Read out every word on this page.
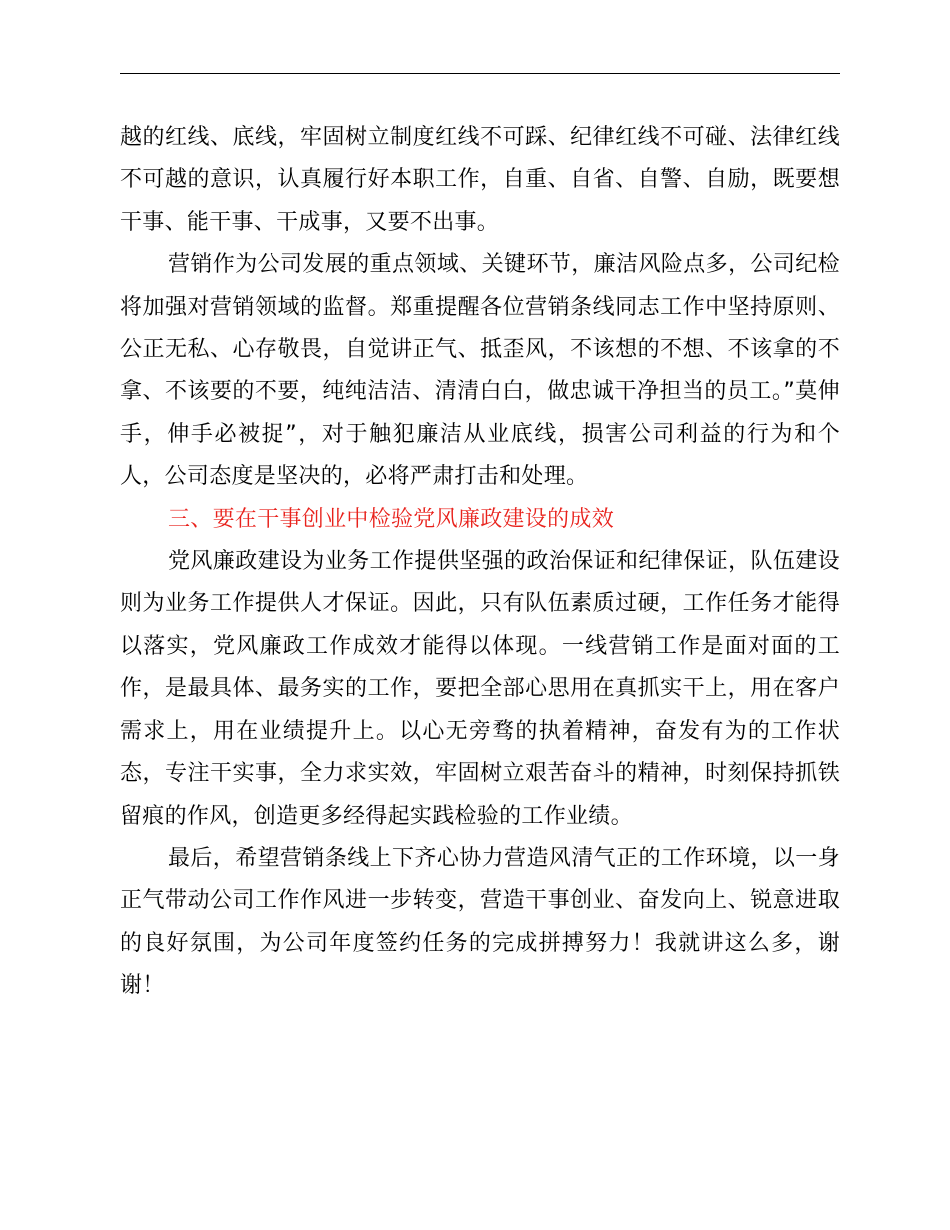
越的红线、底线，牢固树立制度红线不可踩、纪律红线不可碰、法律红线不可越的意识，认真履行好本职工作，自重、自省、自警、自励，既要想干事、能干事、干成事，又要不出事。

营销作为公司发展的重点领域、关键环节，廉洁风险点多，公司纪检将加强对营销领域的监督。郑重提醒各位营销条线同志工作中坚持原则、公正无私、心存敬畏，自觉讲正气、抵歪风，不该想的不想、不该拿的不拿、不该要的不要，纯纯洁洁、清清白白，做忠诚干净担当的员工。”莫伸手，伸手必被捉”，对于触犯廉洁从业底线，损害公司利益的行为和个人，公司态度是坚决的，必将严肃打击和处理。

三、要在干事创业中检验党风廉政建设的成效

党风廉政建设为业务工作提供坚强的政治保证和纪律保证，队伍建设则为业务工作提供人才保证。因此，只有队伍素质过硬，工作任务才能得以落实，党风廉政工作成效才能得以体现。一线营销工作是面对面的工作，是最具体、最务实的工作，要把全部心思用在真抓实干上，用在客户需求上，用在业绩提升上。以心无旁骛的执着精神，奋发有为的工作状态，专注干实事，全力求实效，牢固树立艰苦奋斗的精神，时刻保持抓铁留痕的作风，创造更多经得起实践检验的工作业绩。

最后，希望营销条线上下齐心协力营造风清气正的工作环境，以一身正气带动公司工作作风进一步转变，营造干事创业、奋发向上、锐意进取的良好氛围，为公司年度签约任务的完成拼搏努力！我就讲这么多，谢谢！
